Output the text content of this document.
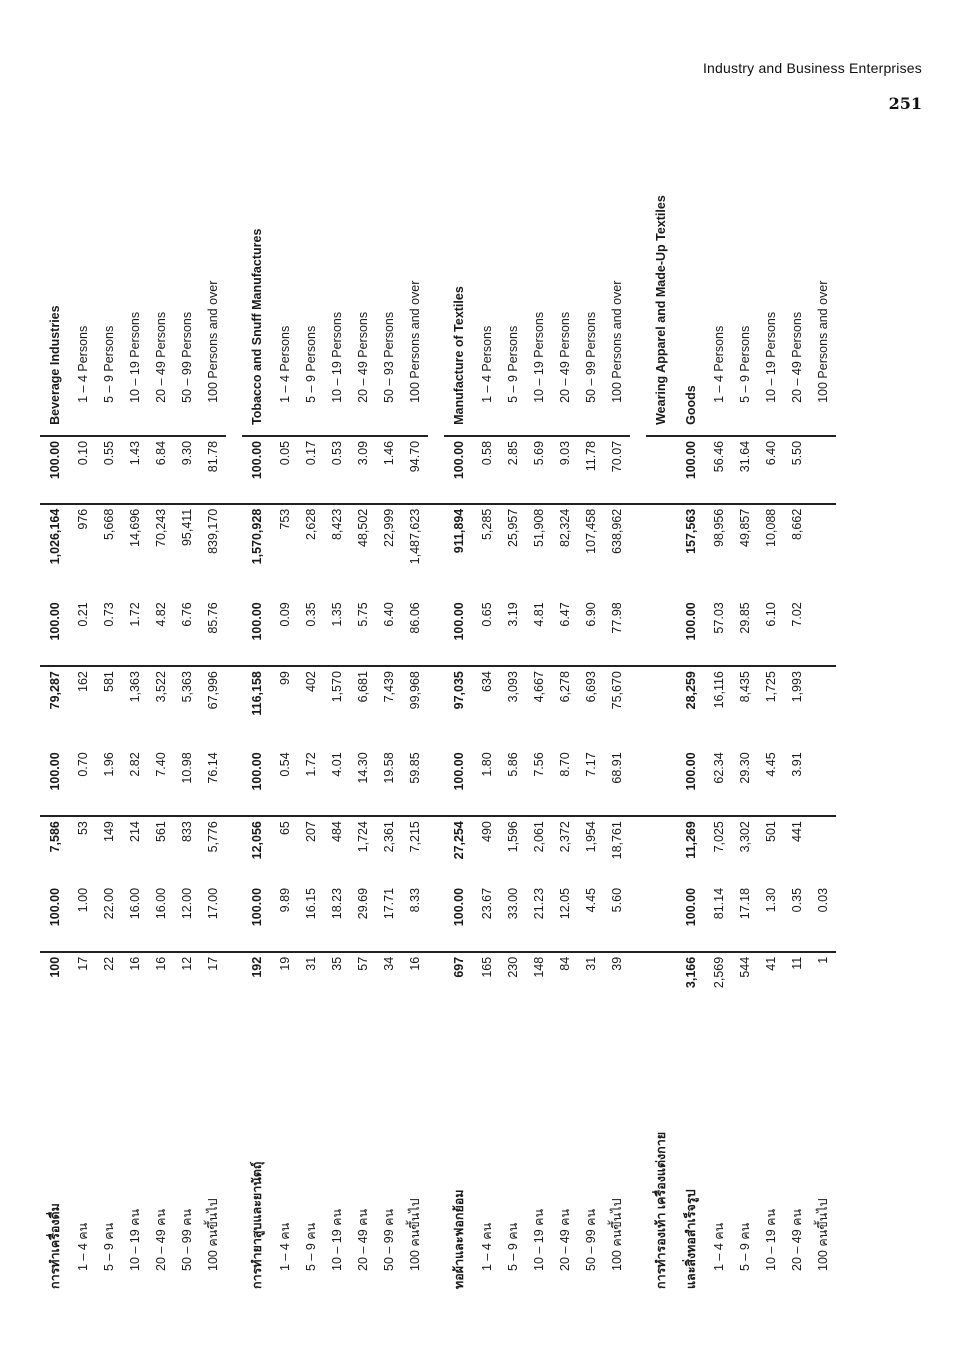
Industry and Business Enterprises
251
การทำเครื่องดื่ม	100	100.00	7,586	100.00	79,287	100.00	1,026,164	100.00	Beverage Industries
1 – 4 คน	17	1.00	53	0.70	162	0.21	976	0.10	1 – 4 Persons
5 – 9 คน	22	22.00	149	1.96	581	0.73	5,668	0.55	5 – 9 Persons
10 – 19 คน	16	16.00	214	2.82	1,363	1.72	14,696	1.43	10 – 19 Persons
20 – 49 คน	16	16.00	561	7.40	3,522	4.82	70,243	6.84	20 – 49 Persons
50 – 99 คน	12	12.00	833	10.98	5,363	6.76	95,411	9.30	50 – 99 Persons
100 คนขึ้นไป	17	17.00	5,776	76.14	67,996	85.76	839,170	81.78	100 Persons and over

การทำยาสูบและยานัตถุ์	192	100.00	12,056	100.00	116,158	100.00	1,570,928	100.00	Tobacco and Snuff Manufactures
1 – 4 คน	19	9.89	65	0.54	99	0.09	753	0.05	1 – 4 Persons
5 – 9 คน	31	16.15	207	1.72	402	0.35	2,628	0.17	5 – 9 Persons
10 – 19 คน	35	18.23	484	4.01	1,570	1.35	8,423	0.53	10 – 19 Persons
20 – 49 คน	57	29.69	1,724	14.30	6,681	5.75	48,502	3.09	20 – 49 Persons
50 – 99 คน	34	17.71	2,361	19.58	7,439	6.40	22,999	1.46	50 – 93 Persons
100 คนขึ้นไป	16	8.33	7,215	59.85	99,968	86.06	1,487,623	94.70	100 Persons and over

ทอผ้าและฟอกย้อม	697	100.00	27,254	100.00	97,035	100.00	911,894	100.00	Manufacture of Textiles
1 – 4 คน	165	23.67	490	1.80	634	0.65	5,285	0.58	1 – 4 Persons
5 – 9 คน	230	33.00	1,596	5.86	3,093	3.19	25,957	2.85	5 – 9 Persons
10 – 19 คน	148	21.23	2,061	7.56	4,667	4.81	51,908	5.69	10 – 19 Persons
20 – 49 คน	84	12.05	2,372	8.70	6,278	6.47	82,324	9.03	20 – 49 Persons
50 – 99 คน	31	4.45	1,954	7.17	6,693	6.90	107,458	11.78	50 – 99 Persons
100 คนขึ้นไป	39	5.60	18,761	68.91	75,670	77.98	638,962	70.07	100 Persons and over

การทำรองเท้า เครื่องแต่งกาย									Wearing Apparel and Made-Up Textiles
และสิ่งทอสำเร็จรูป	3,166	100.00	11,269	100.00	28,259	100.00	157,563	100.00	Goods
1 – 4 คน	2,569	81.14	7,025	62.34	16,116	57.03	98,956	56.46	1 – 4 Persons
5 – 9 คน	544	17.18	3,302	29.30	8,435	29.85	49,857	31.64	5 – 9 Persons
10 – 19 คน	41	1.30	501	4.45	1,725	6.10	10,088	6.40	10 – 19 Persons
20 – 49 คน	11	0.35	441	3.91	1,993	7.02	8,662	5.50	20 – 49 Persons
100 คนขึ้นไป	1	0.03							100 Persons and over
